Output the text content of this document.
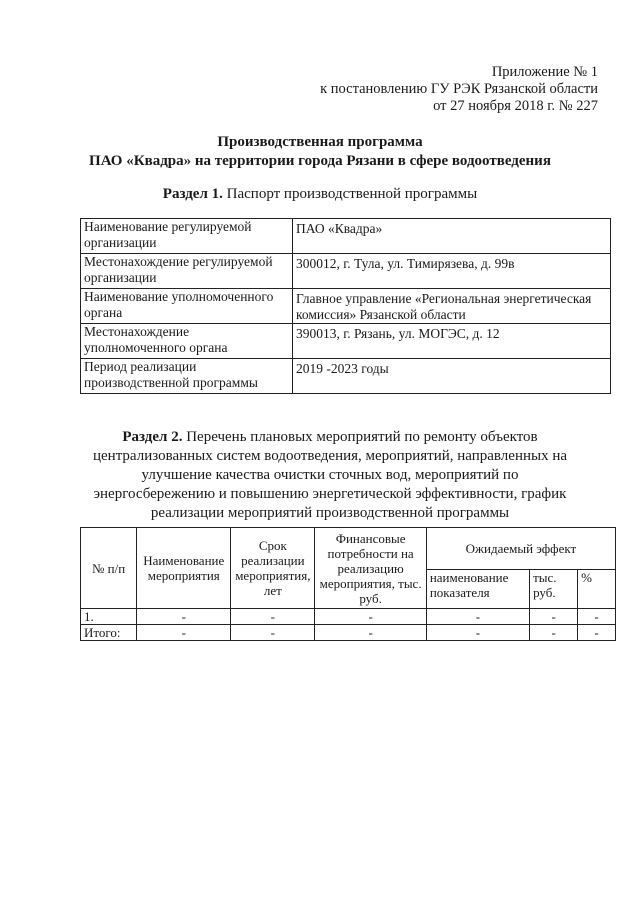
Приложение № 1
к постановлению ГУ РЭК Рязанской области
от 27 ноября 2018 г. № 227
Производственная программа
ПАО «Квадра» на территории города Рязани в сфере водоотведения
Раздел 1. Паспорт производственной программы
Наименование регулируемой организации	ПАО «Квадра»
Местонахождение регулируемой организации	300012, г. Тула, ул. Тимирязева, д. 99в
Наименование уполномоченного органа	Главное управление «Региональная энергетическая комиссия» Рязанской области
Местонахождение уполномоченного органа	390013, г. Рязань, ул. МОГЭС, д. 12
Период реализации производственной программы	2019 -2023 годы
Раздел 2. Перечень плановых мероприятий по ремонту объектов централизованных систем водоотведения, мероприятий, направленных на улучшение качества очистки сточных вод, мероприятий по энергосбережению и повышению энергетической эффективности, график реализации мероприятий производственной программы
№ п/п	Наименование мероприятия	Срок реализации мероприятия, лет	Финансовые потребности на реализацию мероприятия, тыс. руб.	Ожидаемый эффект		
				наименование показателя	тыс. руб.	%
1.	-	-	-	-	-	-
Итого:	-	-	-	-	-	-
